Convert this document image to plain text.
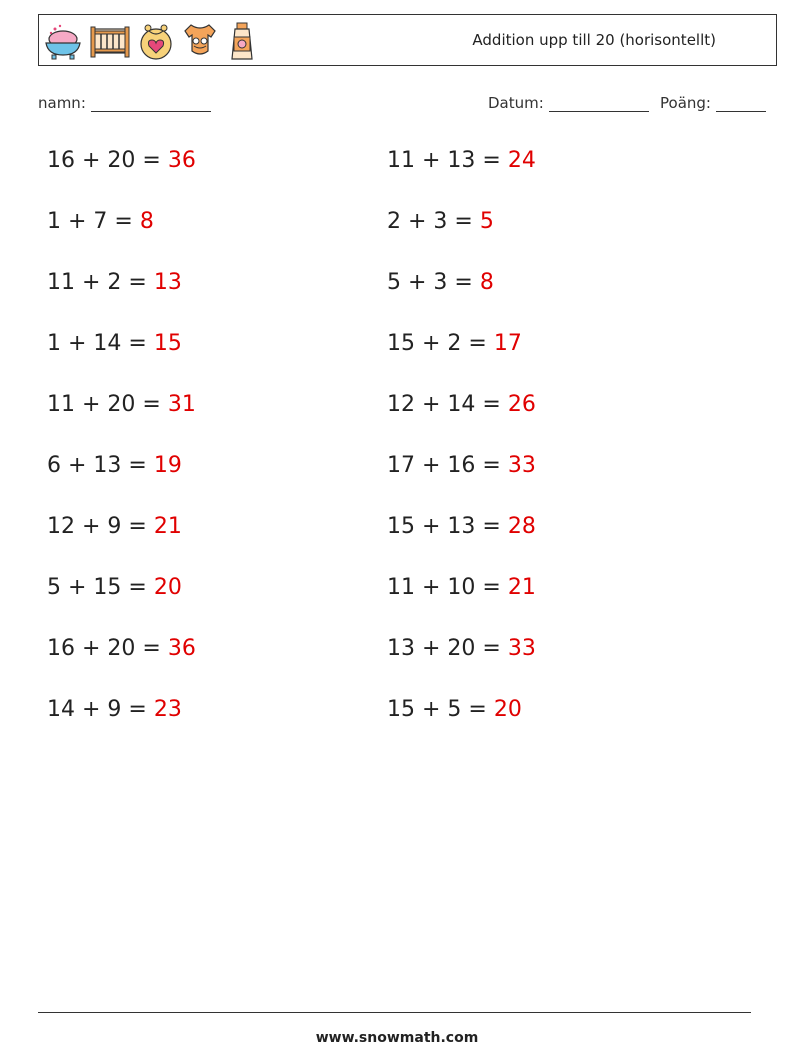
Addition upp till 20 (horisontellt)
namn:	Datum:	Poäng:
16 + 20 = 36	11 + 13 = 24
1 + 7 = 8	2 + 3 = 5
11 + 2 = 13	5 + 3 = 8
1 + 14 = 15	15 + 2 = 17
11 + 20 = 31	12 + 14 = 26
6 + 13 = 19	17 + 16 = 33
12 + 9 = 21	15 + 13 = 28
5 + 15 = 20	11 + 10 = 21
16 + 20 = 36	13 + 20 = 33
14 + 9 = 23	15 + 5 = 20
www.snowmath.com
